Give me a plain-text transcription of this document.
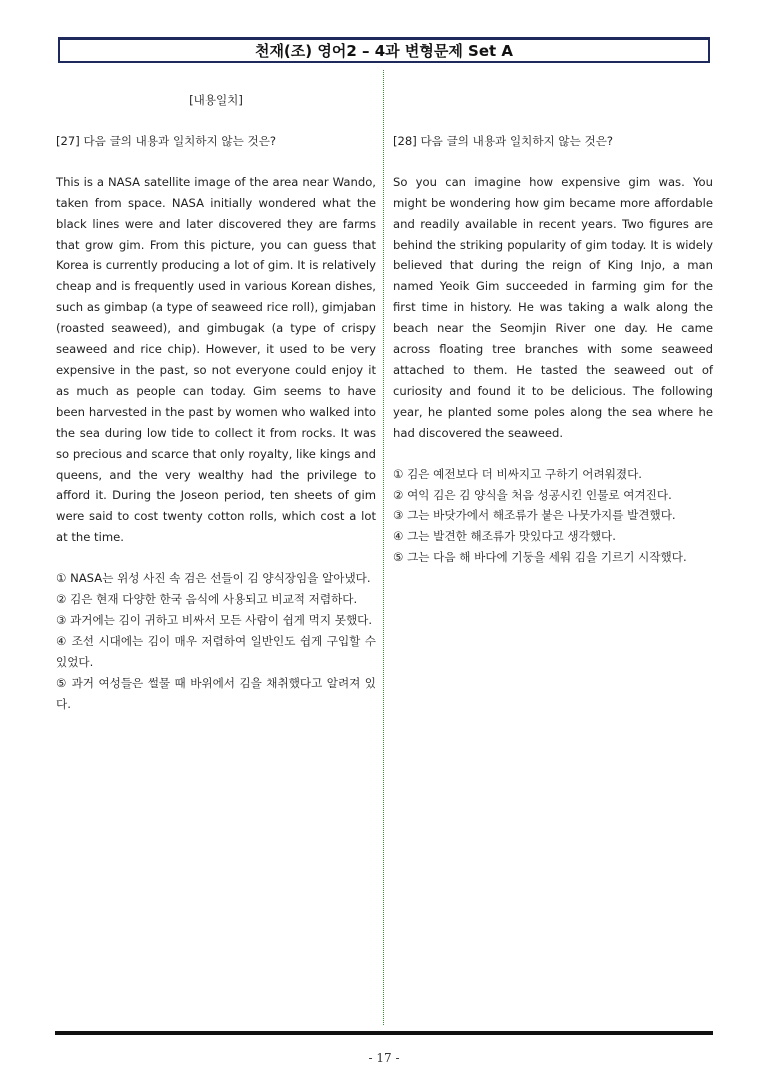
천재(조) 영어2 – 4과 변형문제 Set A
[내용일치]
[27] 다음 글의 내용과 일치하지 않는 것은?
This is a NASA satellite image of the area near Wando, taken from space. NASA initially wondered what the black lines were and later discovered they are farms that grow gim. From this picture, you can guess that Korea is currently producing a lot of gim. It is relatively cheap and is frequently used in various Korean dishes, such as gimbap (a type of seaweed rice roll), gimjaban (roasted seaweed), and gimbugak (a type of crispy seaweed and rice chip). However, it used to be very expensive in the past, so not everyone could enjoy it as much as people can today. Gim seems to have been harvested in the past by women who walked into the sea during low tide to collect it from rocks. It was so precious and scarce that only royalty, like kings and queens, and the very wealthy had the privilege to afford it. During the Joseon period, ten sheets of gim were said to cost twenty cotton rolls, which cost a lot at the time.
① NASA는 위성 사진 속 검은 선들이 김 양식장임을 알아냈다.
② 김은 현재 다양한 한국 음식에 사용되고 비교적 저렴하다.
③ 과거에는 김이 귀하고 비싸서 모든 사람이 쉽게 먹지 못했다.
④ 조선 시대에는 김이 매우 저렴하여 일반인도 쉽게 구입할 수 있었다.
⑤ 과거 여성들은 썰물 때 바위에서 김을 채취했다고 알려져 있다.
[28] 다음 글의 내용과 일치하지 않는 것은?
So you can imagine how expensive gim was. You might be wondering how gim became more affordable and readily available in recent years. Two figures are behind the striking popularity of gim today. It is widely believed that during the reign of King Injo, a man named Yeoik Gim succeeded in farming gim for the first time in history. He was taking a walk along the beach near the Seomjin River one day. He came across floating tree branches with some seaweed attached to them. He tasted the seaweed out of curiosity and found it to be delicious. The following year, he planted some poles along the sea where he had discovered the seaweed.
① 김은 예전보다 더 비싸지고 구하기 어려워졌다.
② 여익 김은 김 양식을 처음 성공시킨 인물로 여겨진다.
③ 그는 바닷가에서 해조류가 붙은 나뭇가지를 발견했다.
④ 그는 발견한 해조류가 맛있다고 생각했다.
⑤ 그는 다음 해 바다에 기둥을 세워 김을 기르기 시작했다.
- 17 -
